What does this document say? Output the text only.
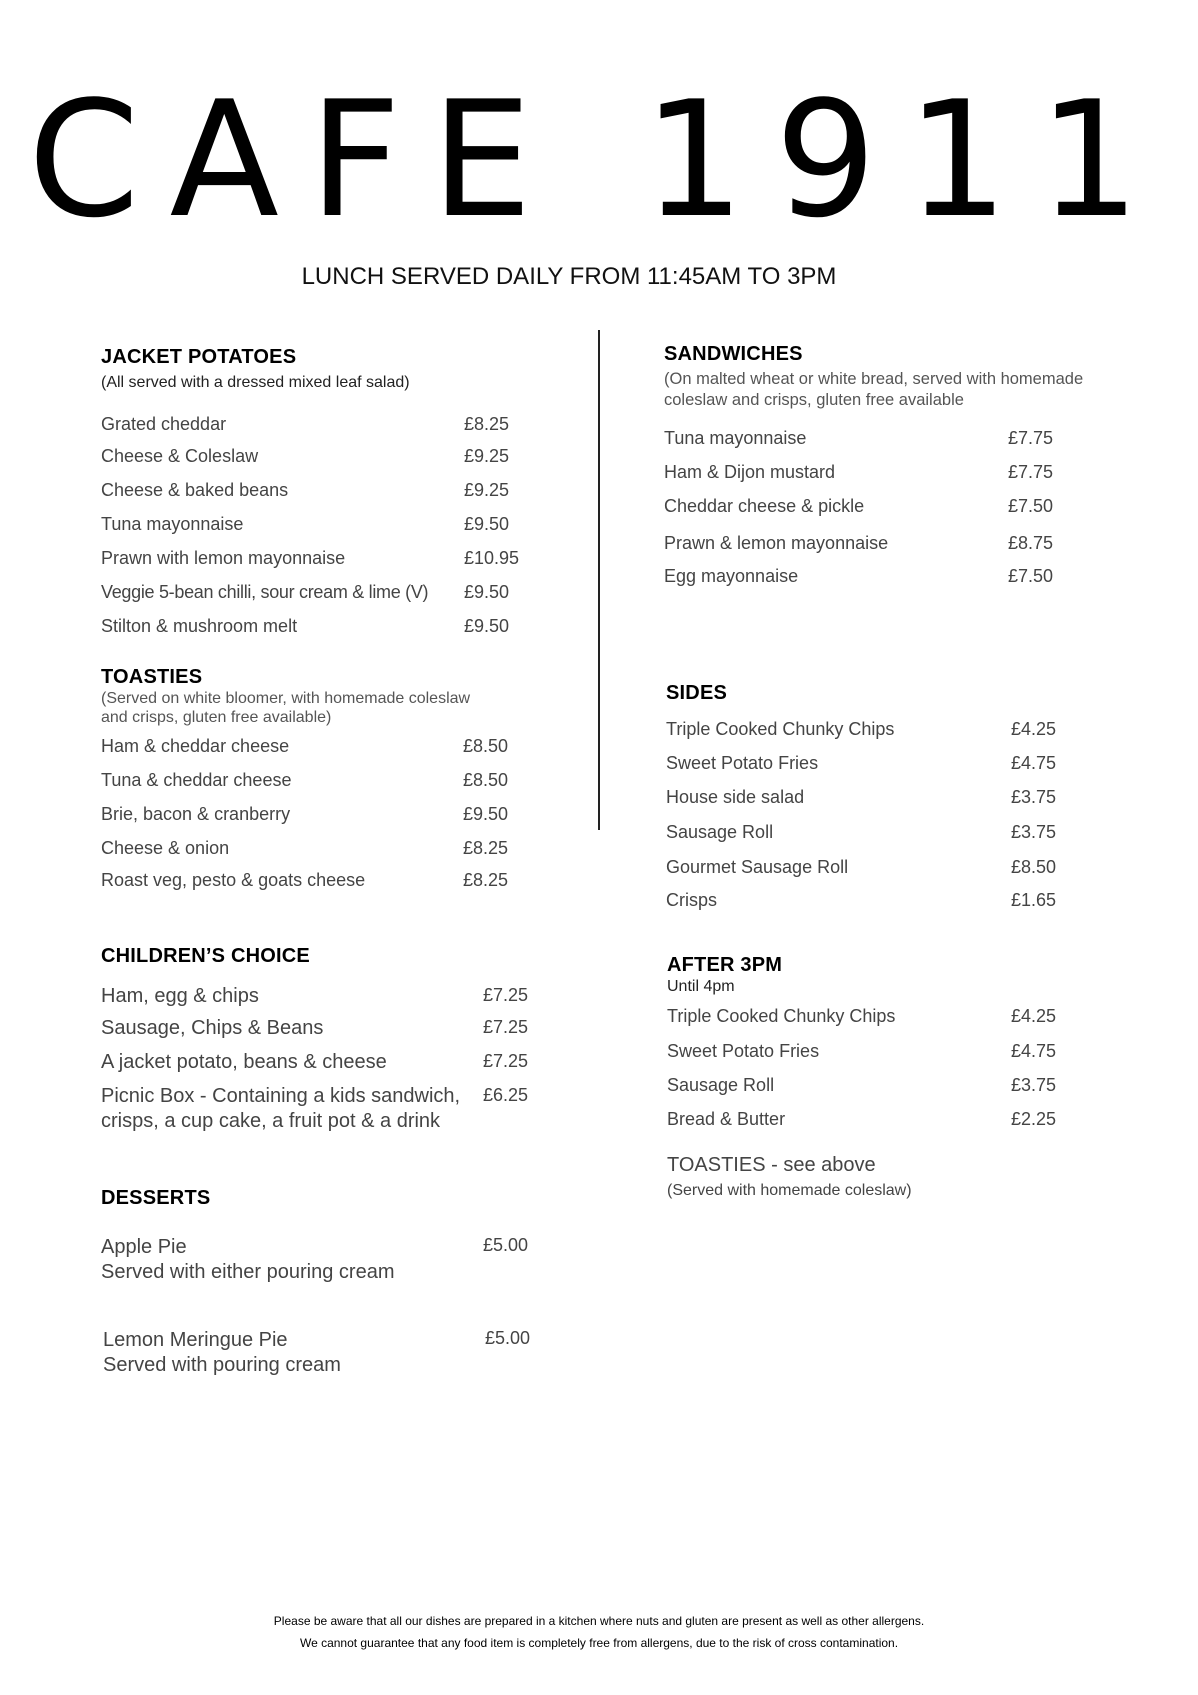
CAFE 1911
LUNCH SERVED DAILY FROM 11:45AM TO 3PM
JACKET POTATOES
(All served with a dressed mixed leaf salad)
Grated cheddar	£8.25
Cheese & Coleslaw	£9.25
Cheese & baked beans	£9.25
Tuna mayonnaise	£9.50
Prawn with lemon mayonnaise	£10.95
Veggie 5-bean chilli, sour cream & lime (V) £9.50
Stilton & mushroom melt	£9.50
TOASTIES
(Served on white bloomer, with homemade coleslaw
and crisps, gluten free available)
Ham & cheddar cheese	£8.50
Tuna & cheddar cheese	£8.50
Brie, bacon & cranberry	£9.50
Cheese & onion	£8.25
Roast veg, pesto & goats cheese	£8.25
CHILDREN’S CHOICE
Ham, egg & chips	£7.25
Sausage, Chips & Beans	£7.25
A jacket potato, beans & cheese	£7.25
Picnic Box - Containing a kids sandwich, £6.25
crisps, a cup cake, a fruit pot & a drink
DESSERTS
Apple Pie	£5.00
Served with either pouring cream
Lemon Meringue Pie	£5.00
Served with pouring cream
SANDWICHES
(On malted wheat or white bread, served with homemade
coleslaw and crisps, gluten free available
Tuna mayonnaise	£7.75
Ham & Dijon mustard	£7.75
Cheddar cheese & pickle	£7.50
Prawn & lemon mayonnaise	£8.75
Egg mayonnaise	£7.50
SIDES
Triple Cooked Chunky Chips	£4.25
Sweet Potato Fries	£4.75
House side salad	£3.75
Sausage Roll	£3.75
Gourmet Sausage Roll	£8.50
Crisps	£1.65
AFTER 3PM
Until 4pm
Triple Cooked Chunky Chips	£4.25
Sweet Potato Fries	£4.75
Sausage Roll	£3.75
Bread & Butter	£2.25
TOASTIES - see above
(Served with homemade coleslaw)
Please be aware that all our dishes are prepared in a kitchen where nuts and gluten are present as well as other allergens.
We cannot guarantee that any food item is completely free from allergens, due to the risk of cross contamination.
